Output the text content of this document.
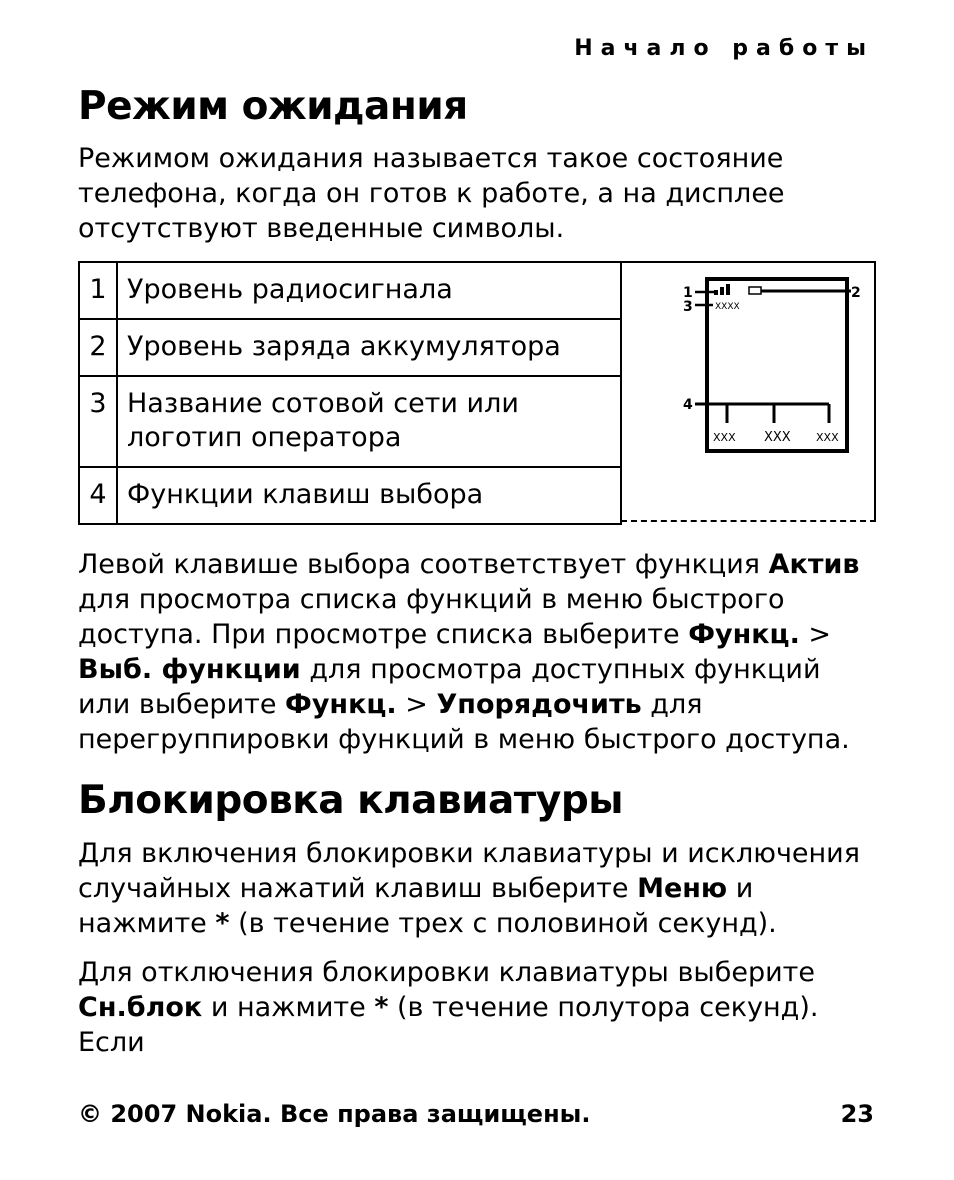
Начало работы
Режим ожидания

Режимом ожидания называется такое состояние телефона, когда он готов к работе, а на дисплее отсутствуют введенные символы.

1	Уровень радиосигнала
2	Уровень заряда аккумулятора
3	Название сотовой сети или логотип оператора
4	Функции клавиш выбора
1	2
3
4
XXXX
XXX XXX XXX

Левой клавише выбора соответствует функция Актив для просмотра списка функций в меню быстрого доступа. При просмотре списка выберите Функц. > Выб. функции для просмотра доступных функций или выберите Функц. > Упорядочить для перегруппировки функций в меню быстрого доступа.

Блокировка клавиатуры

Для включения блокировки клавиатуры и исключения случайных нажатий клавиш выберите Меню и нажмите * (в течение трех с половиной секунд).

Для отключения блокировки клавиатуры выберите Сн.блок и нажмите * (в течение полутора секунд). Если

© 2007 Nokia. Все права защищены.	23
